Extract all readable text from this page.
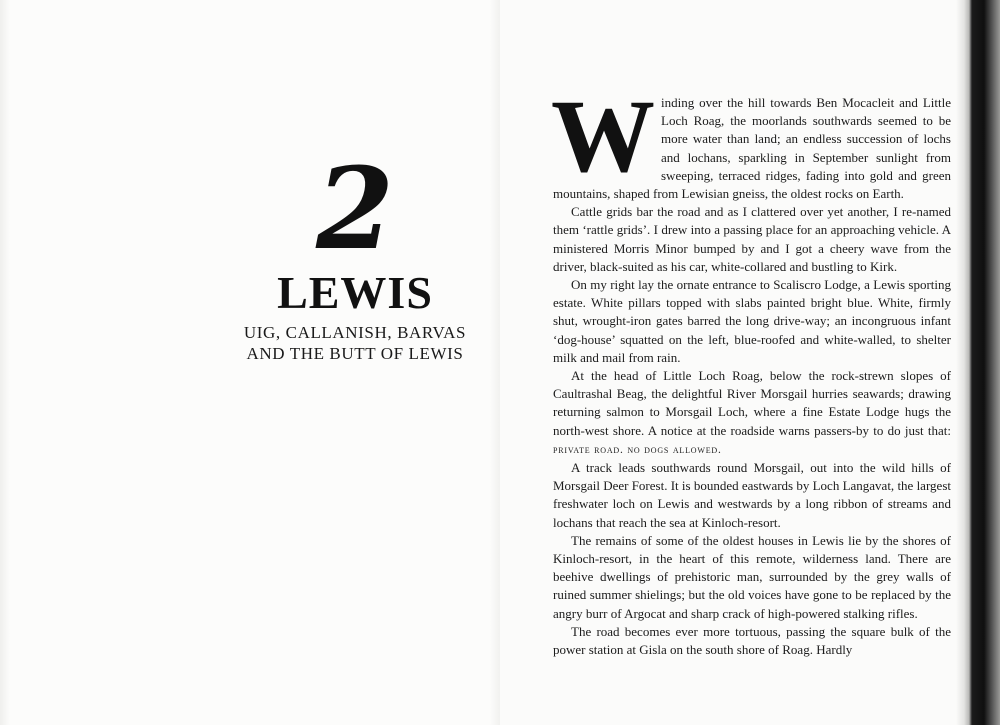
2
LEWIS
UIG, CALLANISH, BARVAS
AND THE BUTT OF LEWIS

Winding over the hill towards Ben Mocacleit and Little Loch Roag, the moorlands southwards seemed to be more water than land; an endless succession of lochs and lochans, sparkling in September sunlight from sweeping, terraced ridges, fading into gold and green mountains, shaped from Lewisian gneiss, the oldest rocks on Earth.

Cattle grids bar the road and as I clattered over yet another, I re-named them ‘rattle grids’. I drew into a passing place for an approaching vehicle. A ministered Morris Minor bumped by and I got a cheery wave from the driver, black-suited as his car, white-collared and bustling to Kirk.

On my right lay the ornate entrance to Scaliscro Lodge, a Lewis sporting estate. White pillars topped with slabs painted bright blue. White, firmly shut, wrought-iron gates barred the long drive-way; an incongruous infant ‘dog-house’ squatted on the left, blue-roofed and white-walled, to shelter milk and mail from rain.

At the head of Little Loch Roag, below the rock-strewn slopes of Caultrashal Beag, the delightful River Morsgail hurries seawards; drawing returning salmon to Morsgail Loch, where a fine Estate Lodge hugs the north-west shore. A notice at the roadside warns passers-by to do just that: private road. no dogs allowed.

A track leads southwards round Morsgail, out into the wild hills of Morsgail Deer Forest. It is bounded eastwards by Loch Langavat, the largest freshwater loch on Lewis and westwards by a long ribbon of streams and lochans that reach the sea at Kinloch-resort.

The remains of some of the oldest houses in Lewis lie by the shores of Kinloch-resort, in the heart of this remote, wilderness land. There are beehive dwellings of prehistoric man, surrounded by the grey walls of ruined summer shielings; but the old voices have gone to be replaced by the angry burr of Argocat and sharp crack of high-powered stalking rifles.

The road becomes ever more tortuous, passing the square bulk of the power station at Gisla on the south shore of Roag. Hardly
